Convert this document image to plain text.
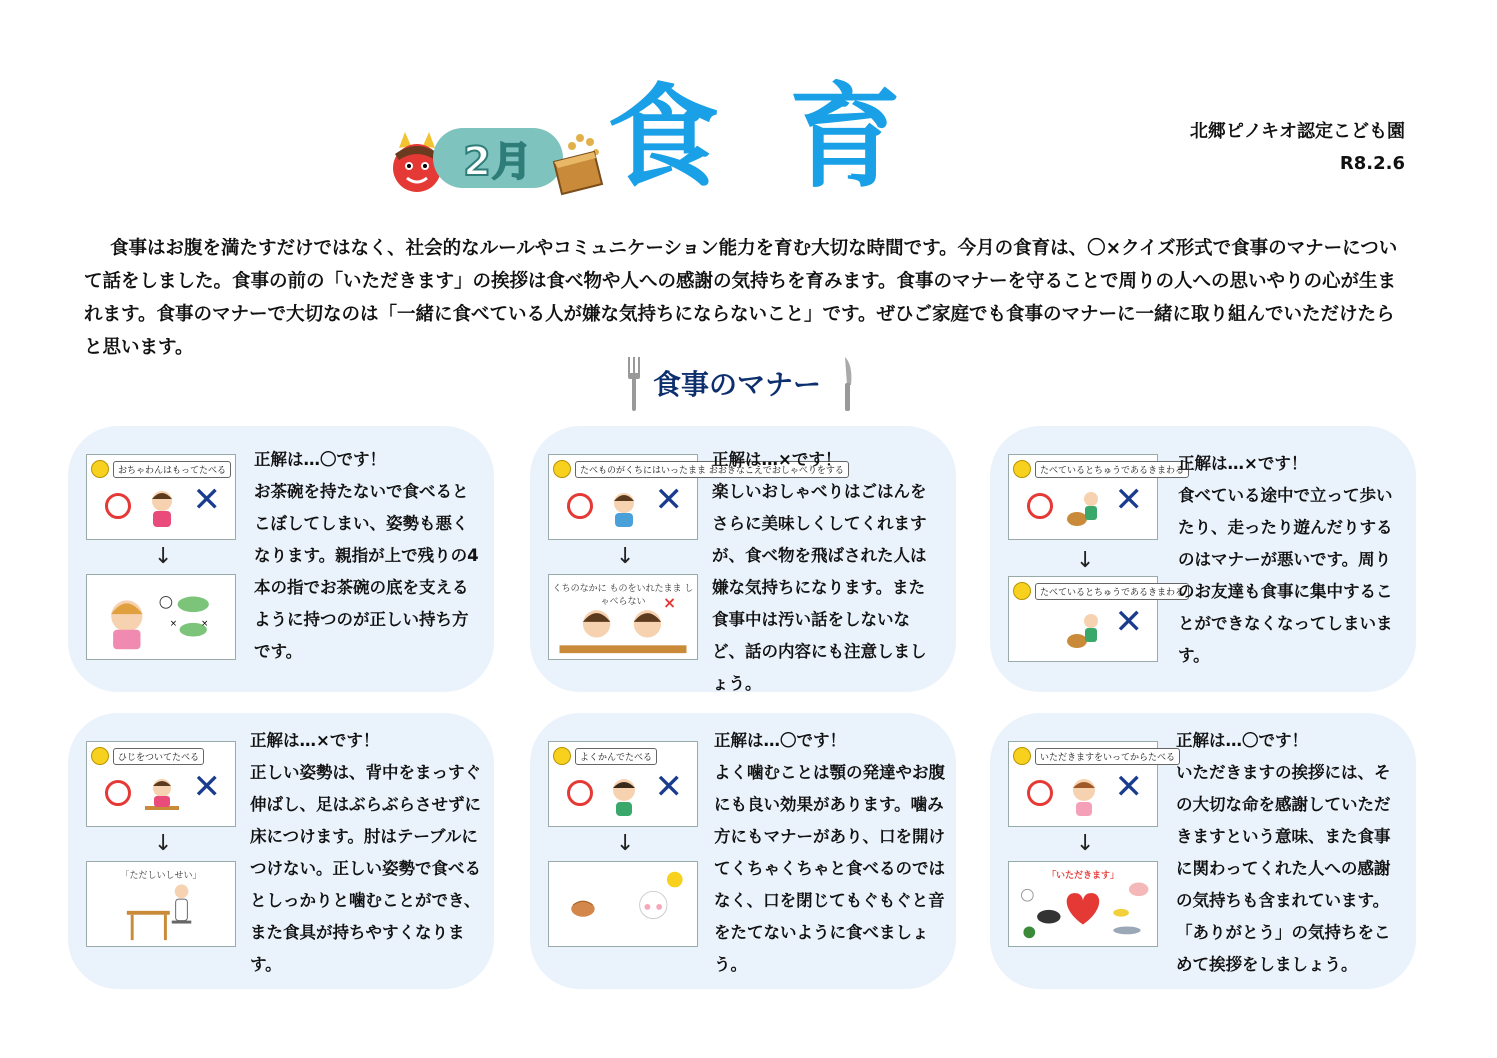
2月 食育	北郷ピノキオ認定こども園
R8.2.6

食事はお腹を満たすだけではなく、社会的なルールやコミュニケーション能力を育む大切な時間です。今月の食育は、〇×クイズ形式で食事のマナーについて話をしました。食事の前の「いただきます」の挨拶は食べ物や人への感謝の気持ちを育みます。食事のマナーを守ることで周りの人への思いやりの心が生まれます。食事のマナーで大切なのは「一緒に食べている人が嫌な気持ちにならないこと」です。ぜひご家庭でも食事のマナーに一緒に取り組んでいただけたらと思います。

食事のマナー
おちゃわんはもってたべる
✕
↓
×	×

正解は…〇です！
お茶碗を持たないで食べるとこぼしてしまい、姿勢も悪くなります。親指が上で残りの4本の指でお茶碗の底を支えるように持つのが正しい持ち方です。

たべものがくちにはいったまま おおきなこえでおしゃべりをする
✕
↓
くちのなかに ものをいれたまま しゃべらない	×

正解は…×です！
楽しいおしゃべりはごはんをさらに美味しくしてくれますが、食べ物を飛ばされた人は嫌な気持ちになります。また食事中は汚い話をしないなど、話の内容にも注意しましょう。

たべているとちゅうであるきまわる
✕
↓
たべているとちゅうであるきまわる
✕

正解は…×です！
食べている途中で立って歩いたり、走ったり遊んだりするのはマナーが悪いです。周りのお友達も食事に集中することができなくなってしまいます。

ひじをついてたべる
✕
↓
「ただしいしせい」

正解は…×です！
正しい姿勢は、背中をまっすぐ伸ばし、足はぶらぶらさせずに床につけます。肘はテーブルにつけない。正しい姿勢で食べるとしっかりと噛むことができ、また食具が持ちやすくなります。

よくかんでたべる
✕
↓

正解は…〇です！
よく噛むことは顎の発達やお腹にも良い効果があります。噛み方にもマナーがあり、口を開けてくちゃくちゃと食べるのではなく、口を閉じてもぐもぐと音をたてないように食べましょう。

いただきますをいってからたべる
✕
↓
「いただきます」

正解は…〇です！
いただきますの挨拶には、その大切な命を感謝していただきますという意味、また食事に関わってくれた人への感謝の気持ちも含まれています。「ありがとう」の気持ちをこめて挨拶をしましょう。
